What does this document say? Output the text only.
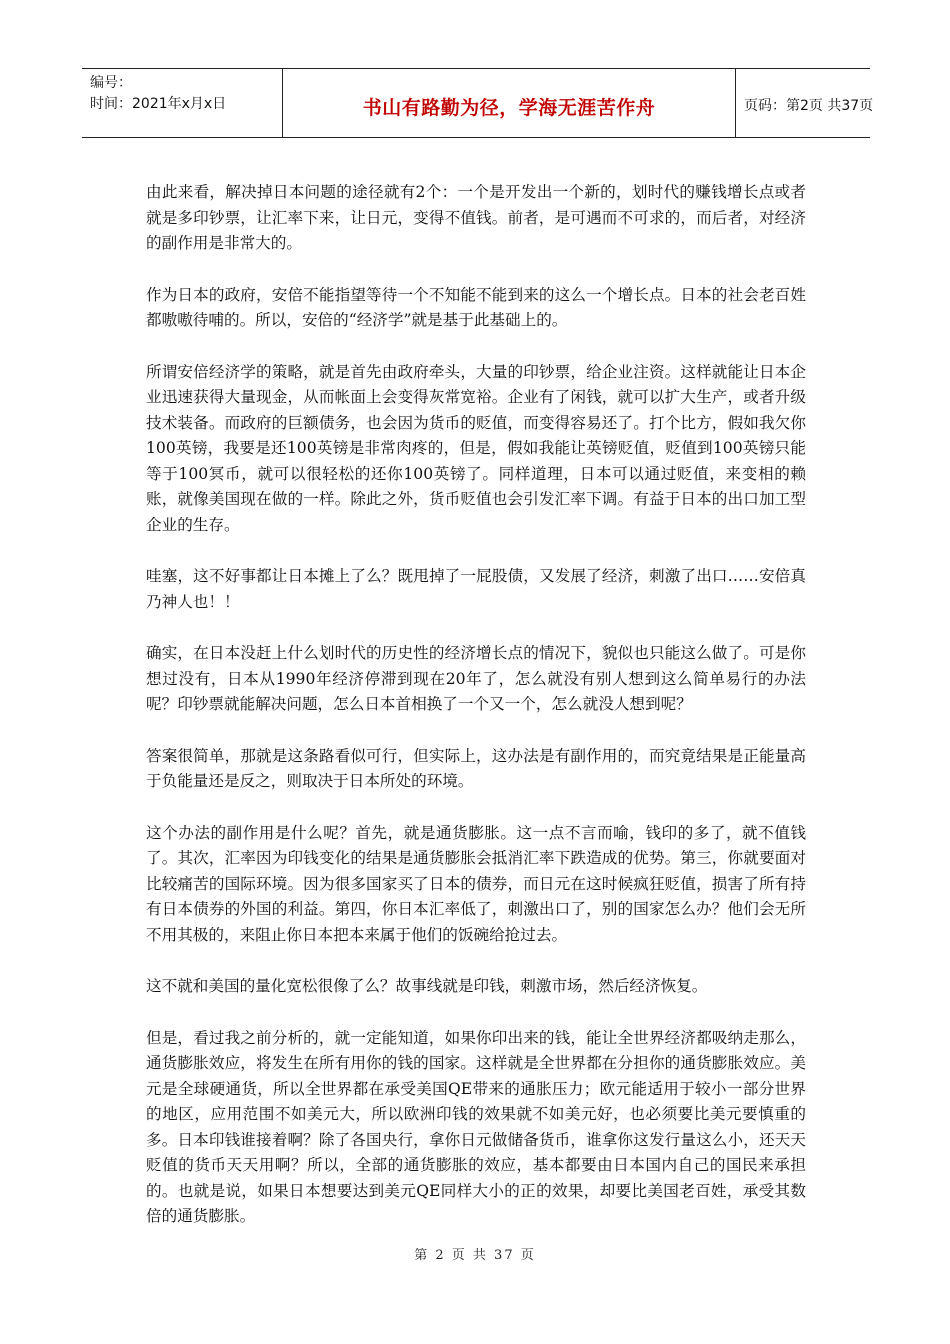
编号：
时间：2021年x月x日	书山有路勤为径，学海无涯苦作舟	页码：第2页 共37页

由此来看，解决掉日本问题的途径就有2个：一个是开发出一个新的，划时代的赚钱增长点或者就是多印钞票，让汇率下来，让日元，变得不值钱。前者，是可遇而不可求的，而后者，对经济的副作用是非常大的。

作为日本的政府，安倍不能指望等待一个不知能不能到来的这么一个增长点。日本的社会老百姓都嗷嗷待哺的。所以，安倍的“经济学”就是基于此基础上的。

所谓安倍经济学的策略，就是首先由政府牵头，大量的印钞票，给企业注资。这样就能让日本企业迅速获得大量现金，从而帐面上会变得灰常宽裕。企业有了闲钱，就可以扩大生产，或者升级技术装备。而政府的巨额债务，也会因为货币的贬值，而变得容易还了。打个比方，假如我欠你100英镑，我要是还100英镑是非常肉疼的，但是，假如我能让英镑贬值，贬值到100英镑只能等于100冥币，就可以很轻松的还你100英镑了。同样道理，日本可以通过贬值，来变相的赖账，就像美国现在做的一样。除此之外，货币贬值也会引发汇率下调。有益于日本的出口加工型企业的生存。

哇塞，这不好事都让日本摊上了么？既甩掉了一屁股债，又发展了经济，刺激了出口……安倍真乃神人也！！

确实，在日本没赶上什么划时代的历史性的经济增长点的情况下，貌似也只能这么做了。可是你想过没有，日本从1990年经济停滞到现在20年了，怎么就没有别人想到这么简单易行的办法呢？印钞票就能解决问题，怎么日本首相换了一个又一个，怎么就没人想到呢？

答案很简单，那就是这条路看似可行，但实际上，这办法是有副作用的，而究竟结果是正能量高于负能量还是反之，则取决于日本所处的环境。

这个办法的副作用是什么呢？首先，就是通货膨胀。这一点不言而喻，钱印的多了，就不值钱了。其次，汇率因为印钱变化的结果是通货膨胀会抵消汇率下跌造成的优势。第三，你就要面对比较痛苦的国际环境。因为很多国家买了日本的债券，而日元在这时候疯狂贬值，损害了所有持有日本债券的外国的利益。第四，你日本汇率低了，刺激出口了，别的国家怎么办？他们会无所不用其极的，来阻止你日本把本来属于他们的饭碗给抢过去。

这不就和美国的量化宽松很像了么？故事线就是印钱，刺激市场，然后经济恢复。

但是，看过我之前分析的，就一定能知道，如果你印出来的钱，能让全世界经济都吸纳走那么，通货膨胀效应，将发生在所有用你的钱的国家。这样就是全世界都在分担你的通货膨胀效应。美元是全球硬通货，所以全世界都在承受美国QE带来的通胀压力；欧元能适用于较小一部分世界的地区，应用范围不如美元大，所以欧洲印钱的效果就不如美元好，也必须要比美元要慎重的多。日本印钱谁接着啊？除了各国央行，拿你日元做储备货币，谁拿你这发行量这么小，还天天贬值的货币天天用啊？所以，全部的通货膨胀的效应，基本都要由日本国内自己的国民来承担的。也就是说，如果日本想要达到美元QE同样大小的正的效果，却要比美国老百姓，承受其数倍的通货膨胀。

第 2 页 共 37 页
